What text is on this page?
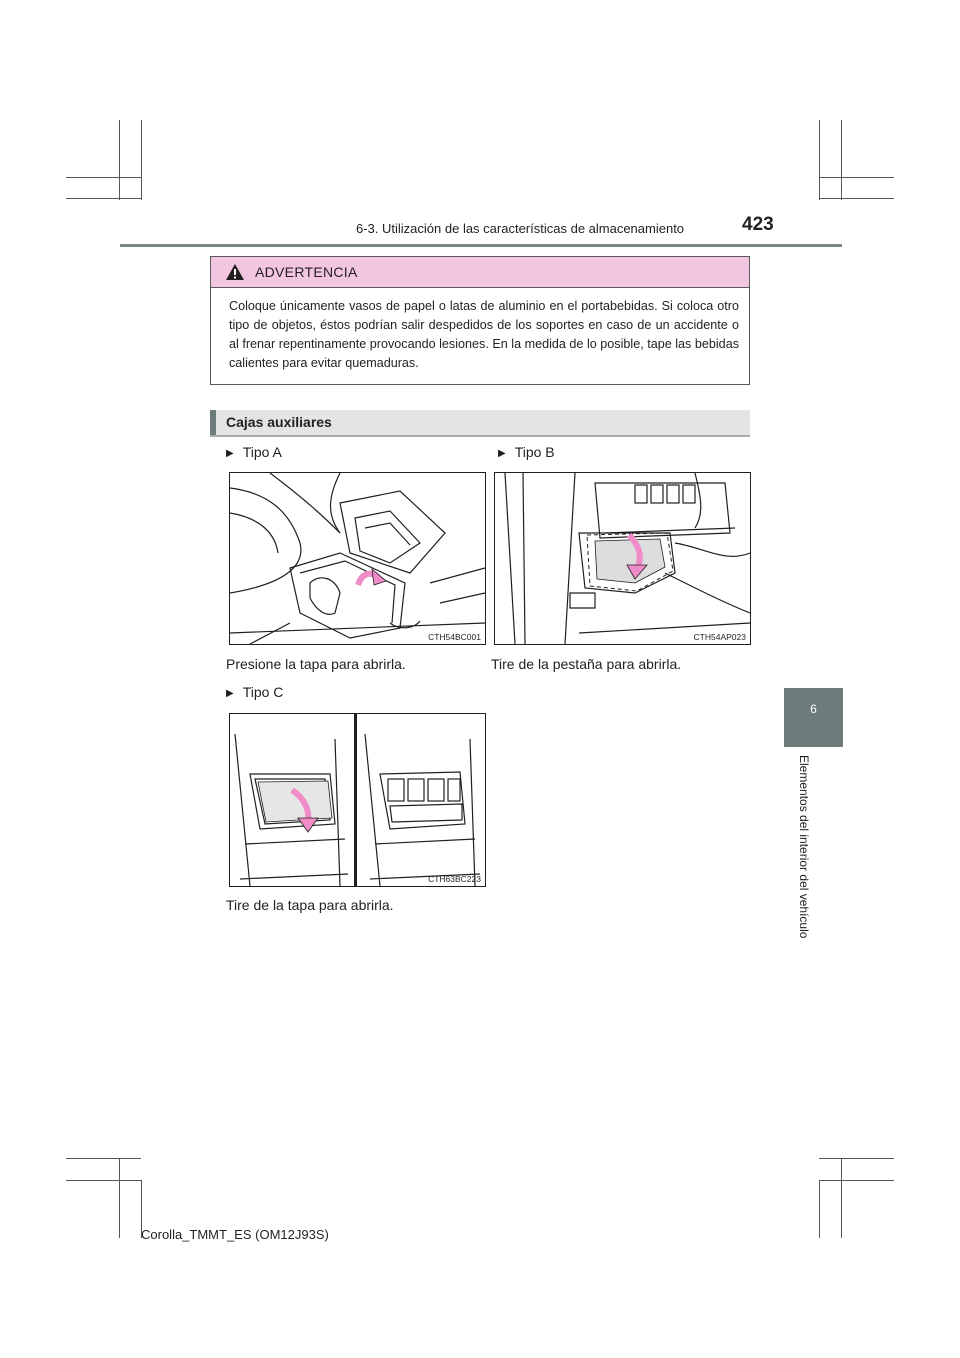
6-3. Utilización de las características de almacenamiento	423
6
Elementos del interior del vehículo
ADVERTENCIA
Coloque únicamente vasos de papel o latas de aluminio en el portabebidas. Si coloca otro tipo de objetos, éstos podrían salir despedidos de los soportes en caso de un accidente o al frenar repentinamente provocando lesiones. En la medida de lo posible, tape las bebidas calientes para evitar quemaduras.
Cajas auxiliares
▶ Tipo A
CTH54BC001
Presione la tapa para abrirla.
▶ Tipo B
CTH54AP023
Tire de la pestaña para abrirla.
▶ Tipo C
CTH63BC223
Tire de la tapa para abrirla.
Corolla_TMMT_ES (OM12J93S)
